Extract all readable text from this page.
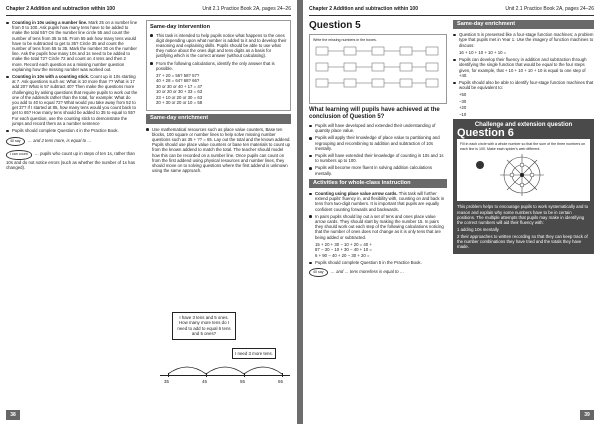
Chapter 2 Addition and subtraction within 100	Unit 2.1 Practice Book 2A, pages 24–26
Counting in 10s using a number line. Mark 25 on a number line from 0 to 100. Ask pupils how many tens have to be added to make the total 55? On the number line circle 55 and count the number of tens from 35 to 55. From 55 ask how many tens would have to be subtracted to get to 35? Circle 35 and count the number of tens from 55 to 35. Mark the number 30 on the number line. Ask the pupils how many 10s and 1s need to be added to make the total 72? Circle 72 and count on 4 tens and then 2 more. Record each question as a missing number question explaining how the missing number was worked out.
Counting in 10s with a counting stick. Count up in 10s starting at 7. Ask questions such as: What is 10 more than 7? What is 17 add 20? What is 57 subtract 40? Then make the questions more challenging by asking questions that require pupils to work out the one of the addends rather than the total, for example: What do you add to 40 to equal 72? What would you take away from 52 to get 37? If I started at 85, how many tens would you count back to get to 65? How many tens should be added to 35 to equal to 55? For each question, use the counting stick to demonstrate the jumps and record them as a number sentence
Pupils should complete Question 4 in the Practice Book.

40 say … and 2 tens more, is equal to …

I can count … pupils who count up in steps of ten 1s, rather than 10s and do not notice errors (such as whether the number of 1s has changed).

Same-day intervention
This task is intended to help pupils notice what happens to the ones digit depending upon what number is added to it and to develop their reasoning and explaining skills. Pupils should be able to use what they notice about the ones digit and tens digits as a basis for justifying which is the correct answer (without calculating).
From the following calculations, identify the only answer that is possible.
37 + 20 = 56? 58? 57?
40 + 28 = 64? 68? 66?
30 or 30 or 40 + 17 = 47
10 or 20 or 30 + 33 = 63
23 + 10 or 20 or 30 = 63
20 + 30 or 20 or 10 = 58
Same-day enrichment
Use mathematical resources such as place value counters, Base ten blocks, 100 square or number lines to help solve missing number questions such as 35 + ?? = 65. Lay out the total and the known addend. Pupils should use place value counters or base ten materials to count up from the known addend to match the total. The teacher should model how this can be recorded on a number line. Once pupils can count on from the first addend using physical resources and number lines, they should move on to solving questions where the first addend is unknown using the same approach.
I have 3 tens and 5 ones. How many more tens do I need to add to equal 6 tens and 5 ones?
I need 3 more tens.
35	45	55	65
38
Chapter 2 Addition and subtraction within 100	Unit 2.1 Practice Book 2A, pages 24–26
Question 5
Write the missing numbers in the boxes.
What learning will pupils have achieved at the conclusion of Question 5?
Pupils will have developed and extended their understanding of quantity place value.
Pupils will apply their knowledge of place value to partitioning and regrouping and recombining to addition and subtraction of 10s mentally.
Pupils will have extended their knowledge of counting in 10s and 1s to numbers up to 100.
Pupils will become more fluent in solving addition calculations mentally.
Activities for whole-class instruction
Counting using place value arrow cards. This task will further extend pupils' fluency in, and flexibility with, counting on and back in tens from two-digit numbers. It is important that pupils are equally confident counting forwards and backwards.
In pairs pupils should lay out a set of tens and ones place value arrow cards. They should start by making the number 15. In pairs they should work out each step of the following calculations noticing that the number of ones does not change as it is only tens that are being added or subtracted.
15 + 20 + 30 − 10 + 20 = 40 +
87 − 30 − 10 + 30 − 40 + 10 =
6 + 90 − 40 + 20 − 30 + 20 =
Pupils should complete Question 5 in the Practice Book.

40 say … and … tens more/less is equal to …

Same-day enrichment
Question 5 is presented like a four-stage function machines; a problem type that pupils met in Year 1. Use the imagery of function machines to discuss:
16 + 10 + 10 + 10 + 10 =
Pupils can develop their fluency in addition and subtraction through identifying the single function that would be equal to the four steps given, for example, that + 10 + 10 + 10 + 10 is equal to one step of +40.
Pupils should also be able to identify four-stage function machines that would be equivalent to:
+50
−30
+20
−10
Challenge and extension question
Question 6
Fill in each circle with a whole number so that the sum of the three numbers on each line is 100. Make each spider's web different.
This problem helps to encourage pupils to work systematically and to reason and explain why some numbers have to be in certain positions. The multiple attempts that pupils may make in identifying the correct numbers will aid their fluency with:
1 adding 10s mentally
2 their approaches to written recording so that they can keep track of the number combinations they have tried and the totals they have made.
39
